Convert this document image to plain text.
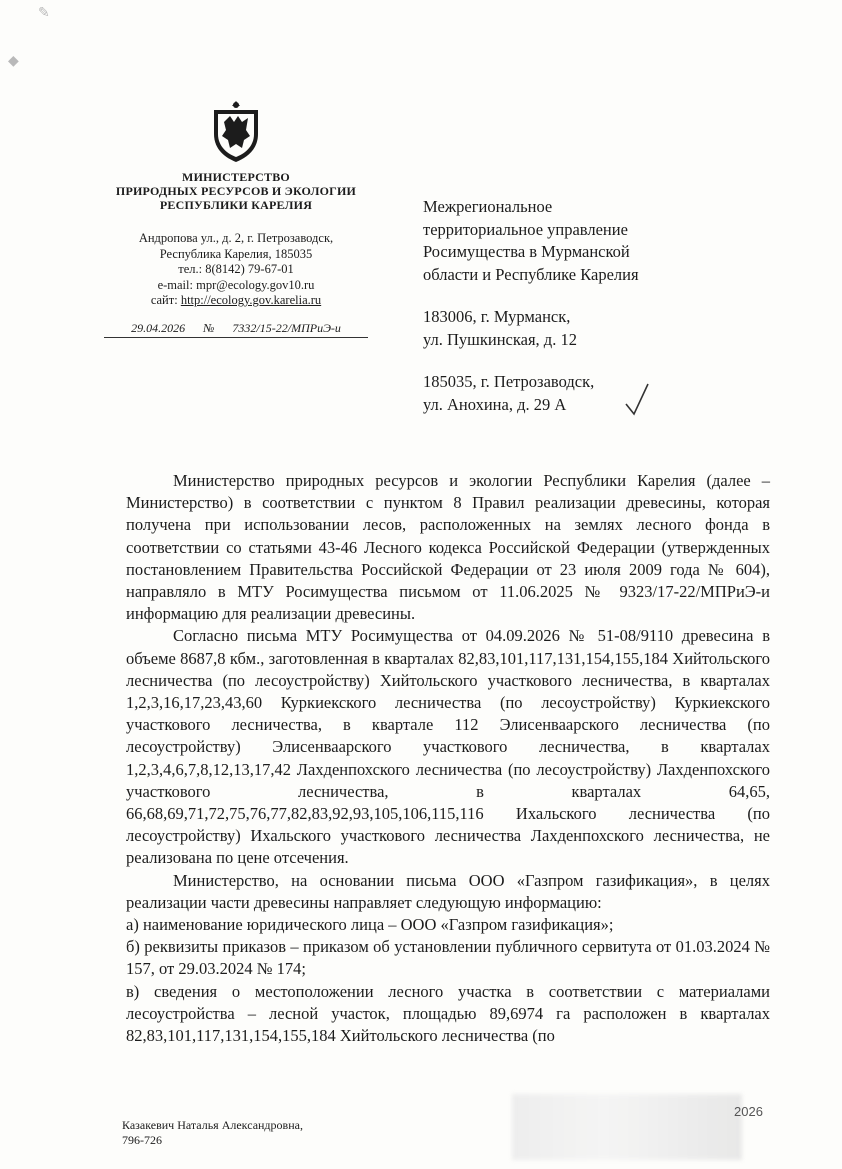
✎
◆
МИНИСТЕРСТВО
ПРИРОДНЫХ РЕСУРСОВ И ЭКОЛОГИИ
РЕСПУБЛИКИ КАРЕЛИЯ
Андропова ул., д. 2, г. Петрозаводск,
Республика Карелия, 185035
тел.: 8(8142) 79-67-01
e-mail: mpr@ecology.gov10.ru
сайт: http://ecology.gov.karelia.ru
29.04.2026 № 7332/15-22/МПРиЭ-и

Межрегиональное

территориальное управление

Росимущества в Мурманской

области и Республике Карелия

183006, г. Мурманск,

ул. Пушкинская, д. 12

185035, г. Петрозаводск,

ул. Анохина, д. 29 А

Министерство природных ресурсов и экологии Республики Карелия (далее – Министерство) в соответствии с пунктом 8 Правил реализации древесины, которая получена при использовании лесов, расположенных на землях лесного фонда в соответствии со статьями 43-46 Лесного кодекса Российской Федерации (утвержденных постановлением Правительства Российской Федерации от 23 июля 2009 года № 604), направляло в МТУ Росимущества письмом от 11.06.2025 № 9323/17-22/МПРиЭ-и информацию для реализации древесины.

Согласно письма МТУ Росимущества от 04.09.2026 № 51-08/9110 древесина в объеме 8687,8 кбм., заготовленная в кварталах 82,83,101,117,131,154,155,184 Хийтольского лесничества (по лесоустройству) Хийтольского участкового лесничества, в кварталах 1,2,3,16,17,23,43,60 Куркиекского лесничества (по лесоустройству) Куркиекского участкового лесничества, в квартале 112 Элисенваарского лесничества (по лесоустройству) Элисенваарского участкового лесничества, в кварталах 1,2,3,4,6,7,8,12,13,17,42 Лахденпохского лесничества (по лесоустройству) Лахденпохского участкового лесничества, в кварталах 64,65, 66,68,69,71,72,75,76,77,82,83,92,93,105,106,115,116 Ихальского лесничества (по лесоустройству) Ихальского участкового лесничества Лахденпохского лесничества, не реализована по цене отсечения.

Министерство, на основании письма ООО «Газпром газификация», в целях реализации части древесины направляет следующую информацию:

а) наименование юридического лица – ООО «Газпром газификация»;

б) реквизиты приказов – приказом об установлении публичного сервитута от 01.03.2024 № 157, от 29.03.2024 № 174;

в) сведения о местоположении лесного участка в соответствии с материалами лесоустройства – лесной участок, площадью 89,6974 га расположен в кварталах 82,83,101,117,131,154,155,184 Хийтольского лесничества (по

Казакевич Наталья Александровна,
796-726
2026
